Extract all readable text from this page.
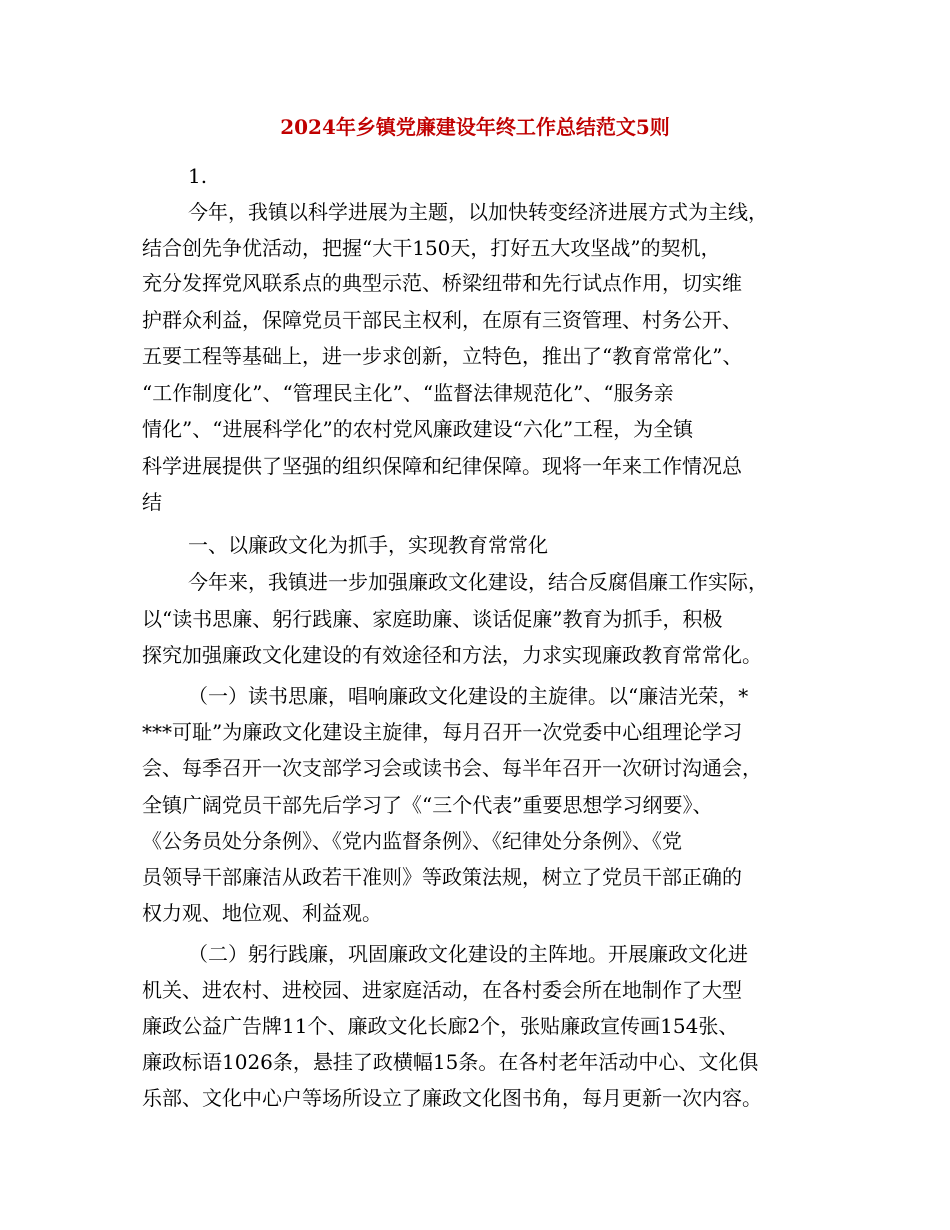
2024年乡镇党廉建设年终工作总结范文5则
1.
今年，我镇以科学进展为主题，以加快转变经济进展方式为主线，
结合创先争优活动，把握“大干150天，打好五大攻坚战”的契机，
充分发挥党风联系点的典型示范、桥梁纽带和先行试点作用，切实维
护群众利益，保障党员干部民主权利，在原有三资管理、村务公开、
五要工程等基础上，进一步求创新，立特色，推出了“教育常常化”、
“工作制度化”、“管理民主化”、“监督法律规范化”、“服务亲
情化”、“进展科学化”的农村党风廉政建设“六化”工程，为全镇
科学进展提供了坚强的组织保障和纪律保障。现将一年来工作情况总
结
一、以廉政文化为抓手，实现教育常常化
今年来，我镇进一步加强廉政文化建设，结合反腐倡廉工作实际，
以“读书思廉、躬行践廉、家庭助廉、谈话促廉”教育为抓手，积极
探究加强廉政文化建设的有效途径和方法，力求实现廉政教育常常化。
（一）读书思廉，唱响廉政文化建设的主旋律。以“廉洁光荣，*
***可耻”为廉政文化建设主旋律，每月召开一次党委中心组理论学习
会、每季召开一次支部学习会或读书会、每半年召开一次研讨沟通会，
全镇广阔党员干部先后学习了《“三个代表”重要思想学习纲要》、
《公务员处分条例》、《党内监督条例》、《纪律处分条例》、《党
员领导干部廉洁从政若干准则》等政策法规，树立了党员干部正确的
权力观、地位观、利益观。
（二）躬行践廉，巩固廉政文化建设的主阵地。开展廉政文化进
机关、进农村、进校园、进家庭活动，在各村委会所在地制作了大型
廉政公益广告牌11个、廉政文化长廊2个，张贴廉政宣传画154张、
廉政标语1026条，悬挂了政横幅15条。在各村老年活动中心、文化俱
乐部、文化中心户等场所设立了廉政文化图书角，每月更新一次内容。
